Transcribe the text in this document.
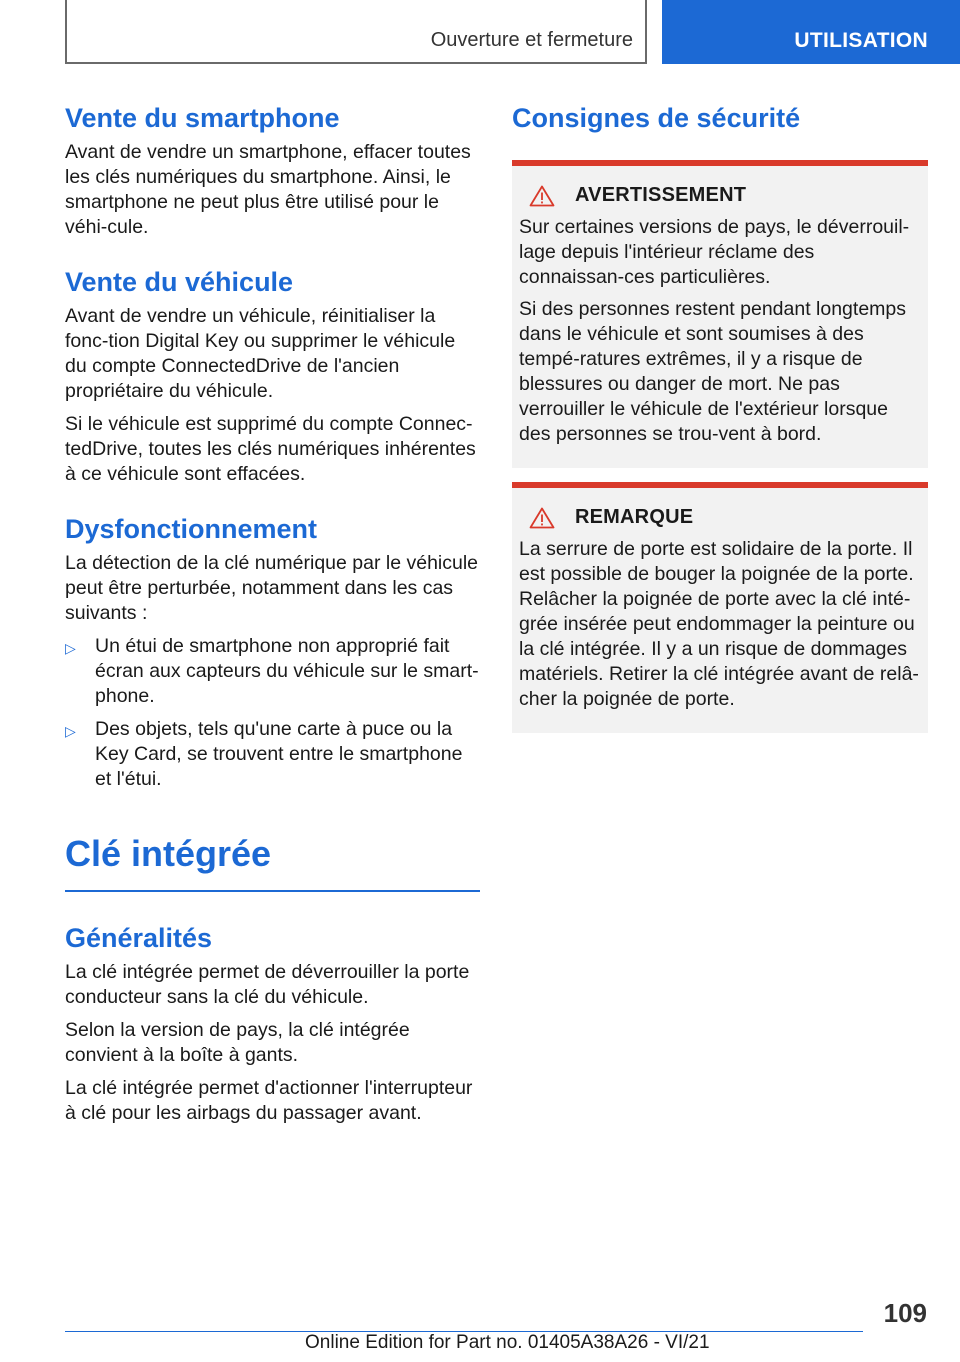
Ouverture et fermeture	UTILISATION
Vente du smartphone

Avant de vendre un smartphone, effacer toutes les clés numériques du smartphone. Ainsi, le smartphone ne peut plus être utilisé pour le véhi‐cule.

Vente du véhicule

Avant de vendre un véhicule, réinitialiser la fonc‐tion Digital Key ou supprimer le véhicule du compte ConnectedDrive de l'ancien propriétaire du véhicule.

Si le véhicule est supprimé du compte Connec‐tedDrive, toutes les clés numériques inhérentes à ce véhicule sont effacées.

Dysfonctionnement

La détection de la clé numérique par le véhicule peut être perturbée, notamment dans les cas suivants :

▷ Un étui de smartphone non approprié fait écran aux capteurs du véhicule sur le smart‐phone.
▷ Des objets, tels qu'une carte à puce ou la Key Card, se trouvent entre le smartphone et l'étui.
Clé intégrée
Généralités

La clé intégrée permet de déverrouiller la porte conducteur sans la clé du véhicule.

Selon la version de pays, la clé intégrée convient à la boîte à gants.

La clé intégrée permet d'actionner l'interrupteur à clé pour les airbags du passager avant.

Consignes de sécurité
AVERTISSEMENT

Sur certaines versions de pays, le déverrouil‐lage depuis l'intérieur réclame des connaissan‐ces particulières.

Si des personnes restent pendant longtemps dans le véhicule et sont soumises à des tempé‐ratures extrêmes, il y a risque de blessures ou danger de mort. Ne pas verrouiller le véhicule de l'extérieur lorsque des personnes se trou‐vent à bord.

REMARQUE

La serrure de porte est solidaire de la porte. Il est possible de bouger la poignée de la porte. Relâcher la poignée de porte avec la clé inté‐grée insérée peut endommager la peinture ou la clé intégrée. Il y a un risque de dommages matériels. Retirer la clé intégrée avant de relâ‐cher la poignée de porte.

109
Online Edition for Part no. 01405A38A26 - VI/21
